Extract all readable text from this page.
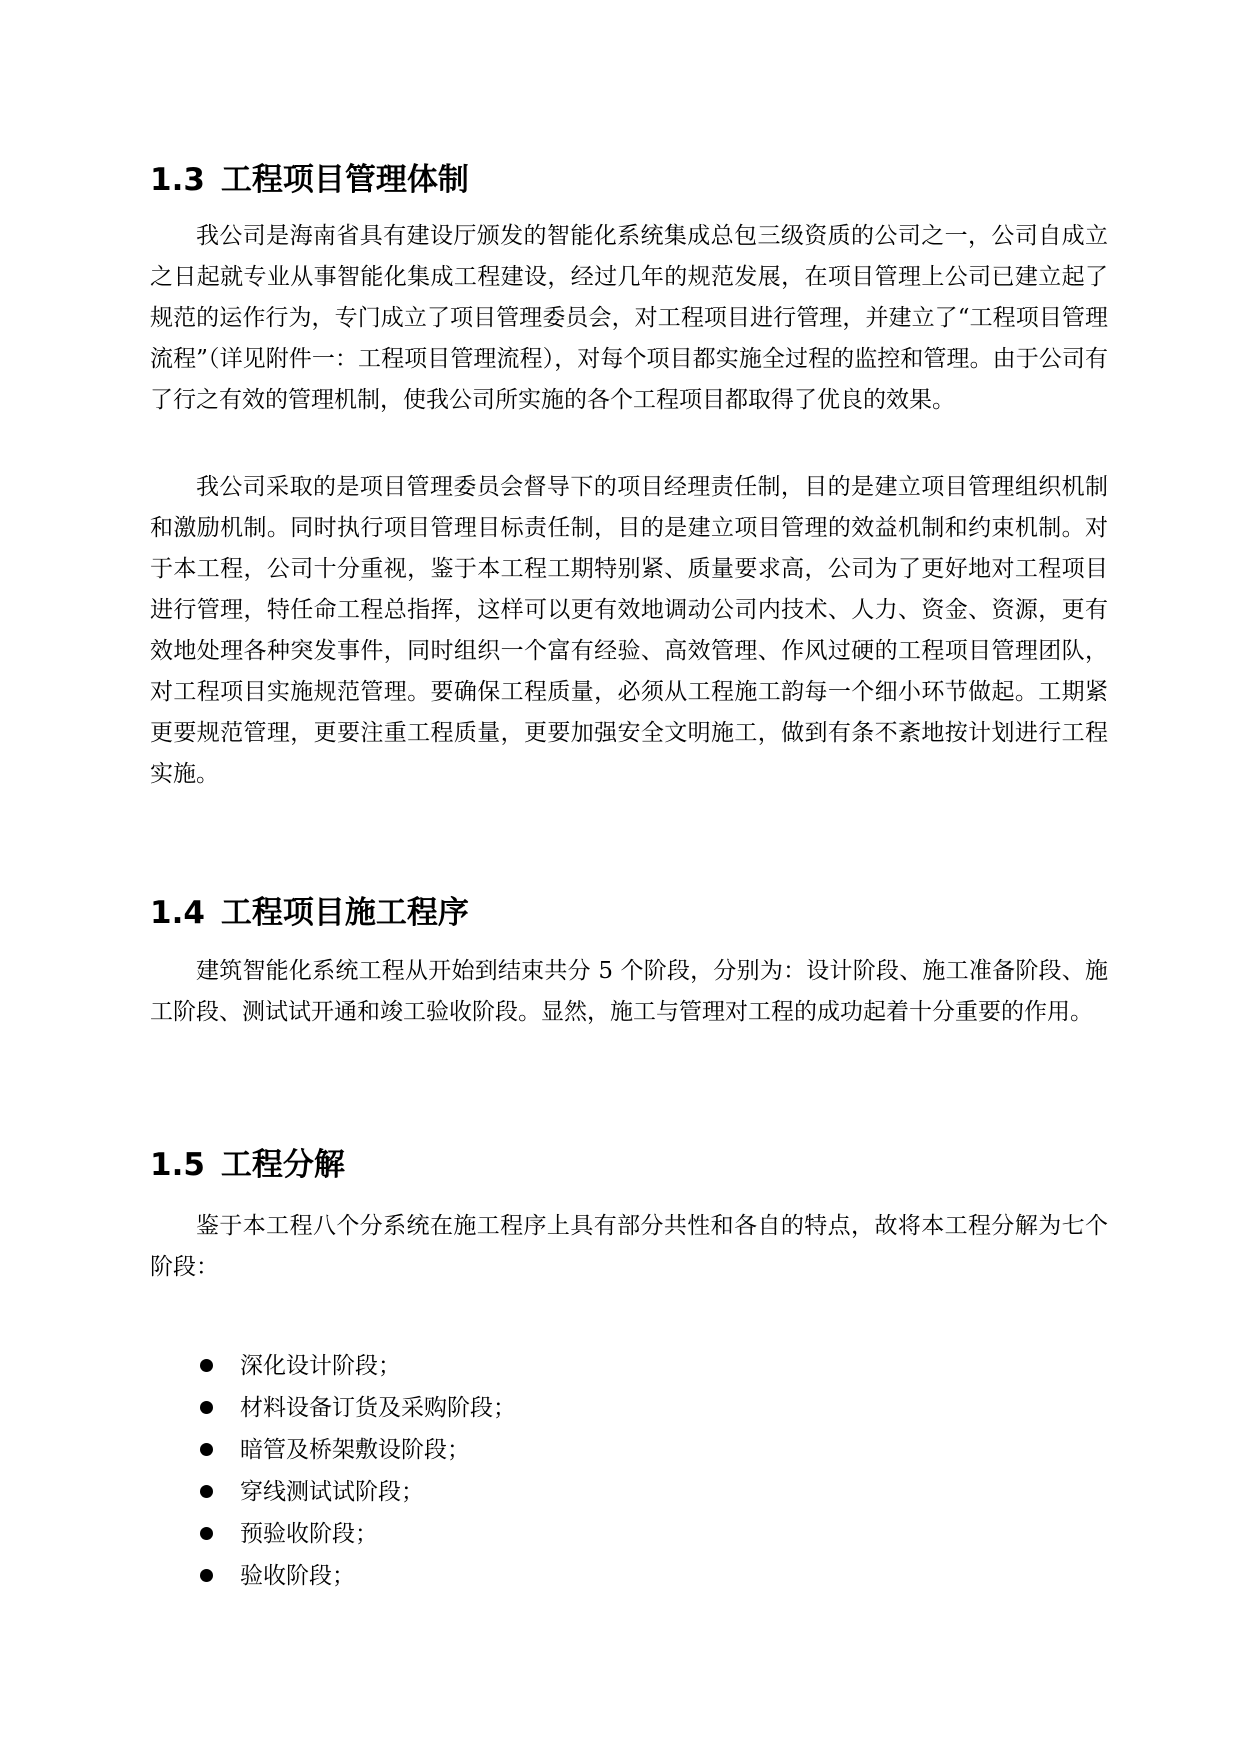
1.3 工程项目管理体制

我公司是海南省具有建设厅颁发的智能化系统集成总包三级资质的公司之一，公司自成立之日起就专业从事智能化集成工程建设，经过几年的规范发展，在项目管理上公司已建立起了规范的运作行为，专门成立了项目管理委员会，对工程项目进行管理，并建立了“工程项目管理流程”（详见附件一：工程项目管理流程），对每个项目都实施全过程的监控和管理。由于公司有了行之有效的管理机制，使我公司所实施的各个工程项目都取得了优良的效果。

我公司采取的是项目管理委员会督导下的项目经理责任制，目的是建立项目管理组织机制和激励机制。同时执行项目管理目标责任制，目的是建立项目管理的效益机制和约束机制。对于本工程，公司十分重视，鉴于本工程工期特别紧、质量要求高，公司为了更好地对工程项目进行管理，特任命工程总指挥，这样可以更有效地调动公司内技术、人力、资金、资源，更有效地处理各种突发事件，同时组织一个富有经验、高效管理、作风过硬的工程项目管理团队，对工程项目实施规范管理。要确保工程质量，必须从工程施工韵每一个细小环节做起。工期紧更要规范管理，更要注重工程质量，更要加强安全文明施工，做到有条不紊地按计划进行工程实施。

1.4 工程项目施工程序

建筑智能化系统工程从开始到结束共分 5 个阶段，分别为：设计阶段、施工准备阶段、施工阶段、测试试开通和竣工验收阶段。显然，施工与管理对工程的成功起着十分重要的作用。

1.5 工程分解

鉴于本工程八个分系统在施工程序上具有部分共性和各自的特点，故将本工程分解为七个阶段：

深化设计阶段；
材料设备订货及采购阶段；
暗管及桥架敷设阶段；
穿线测试试阶段；
预验收阶段；
验收阶段；
